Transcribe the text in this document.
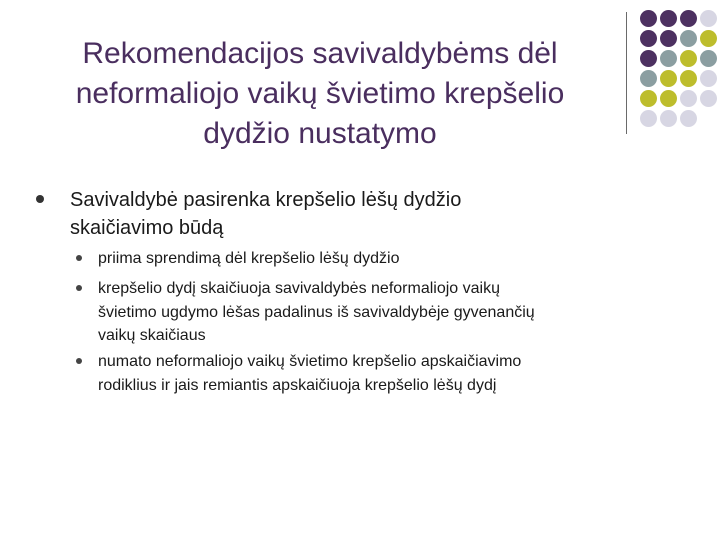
Rekomendacijos savivaldybėms dėl
neformaliojo vaikų švietimo krepšelio
dydžio nustatymo
Savivaldybė pasirenka krepšelio lėšų dydžio
skaičiavimo būdą
priima sprendimą dėl krepšelio lėšų dydžio
krepšelio dydį skaičiuoja savivaldybės neformaliojo vaikų
švietimo ugdymo lėšas padalinus iš savivaldybėje gyvenančių
vaikų skaičiaus
numato neformaliojo vaikų švietimo krepšelio apskaičiavimo
rodiklius ir jais remiantis apskaičiuoja krepšelio lėšų dydį
